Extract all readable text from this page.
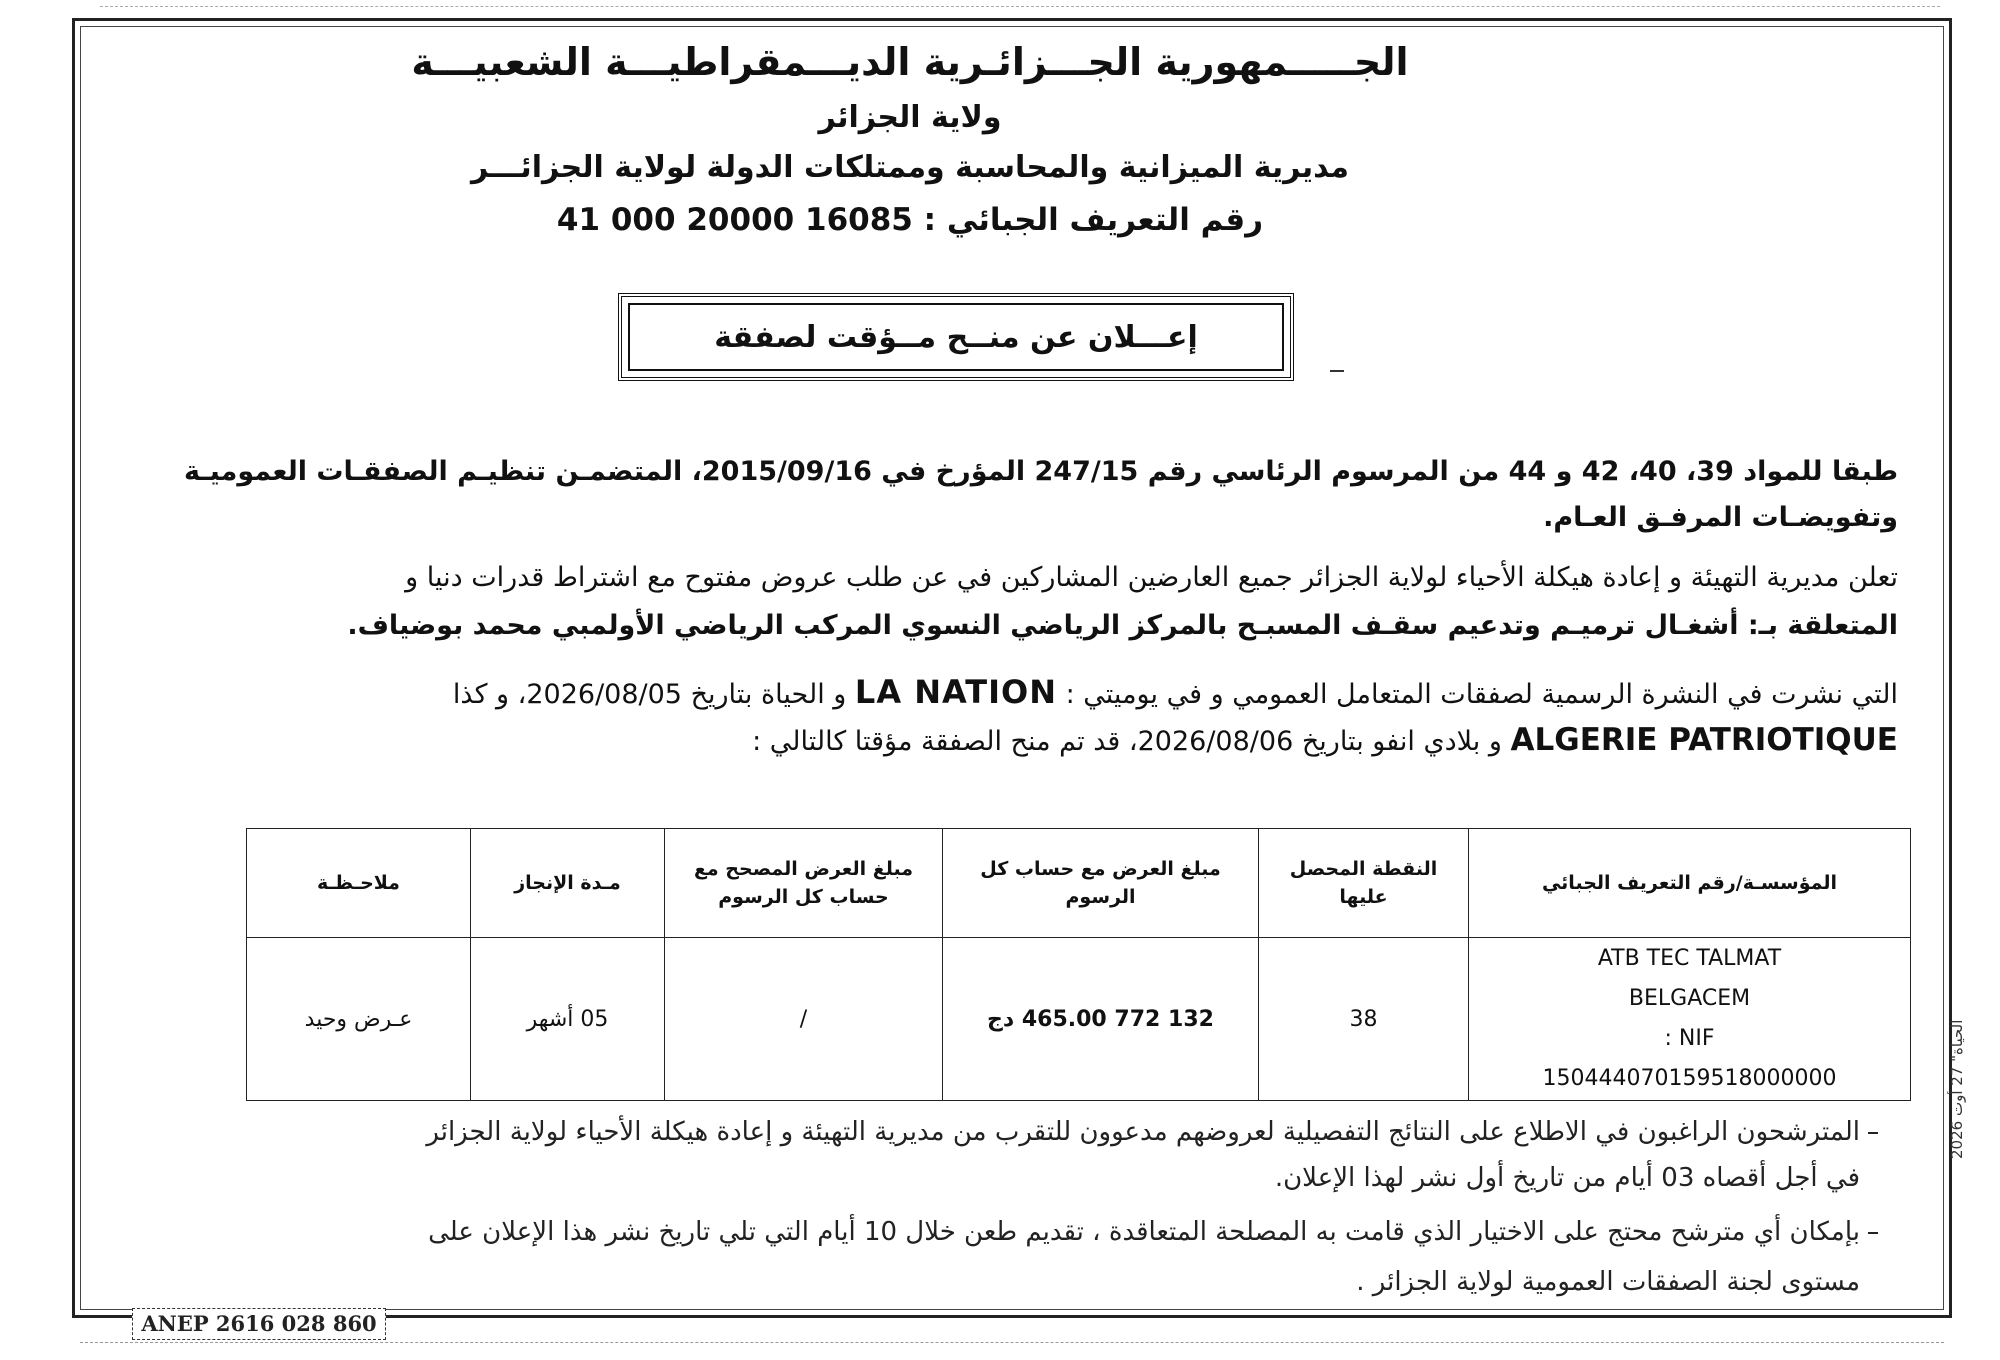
الجـــــمهورية الجـــزائـرية الديـــمقراطيـــة الشعبيـــة
ولاية الجزائر
مديرية الميزانية والمحاسبة وممتلكات الدولة لولاية الجزائـــر
رقم التعريف الجبائي : 16085 20000 000 41
إعـــلان عن منــح مــؤقت لصفقة
طبقا للمواد 39، 40، 42 و 44 من المرسوم الرئاسي رقم 247/15 المؤرخ في 2015/09/16، المتضمـن تنظيـم الصفقـات العموميـة
وتفويضـات المرفـق العـام.
تعلن مديرية التهيئة و إعادة هيكلة الأحياء لولاية الجزائر جميع العارضين المشاركين في عن طلب عروض مفتوح مع اشتراط قدرات دنيا و
المتعلقة بـ: أشغـال ترميـم وتدعيم سقـف المسبـح بالمركز الرياضي النسوي المركب الرياضي الأولمبي محمد بوضياف.
التي نشرت في النشرة الرسمية لصفقات المتعامل العمومي و في يوميتي : LA NATION و الحياة بتاريخ 2026/08/05، و كذا
ALGERIE PATRIOTIQUE و بلادي انفو بتاريخ 2026/08/06، قد تم منح الصفقة مؤقتا كالتالي :
المؤسسـة/رقم التعريف الجبائي	النقطة المحصل عليها	مبلغ العرض مع حساب كل الرسوم	مبلغ العرض المصحح مع حساب كل الرسوم	مـدة الإنجاز	ملاحـظـة

ATB TEC TALMAT
BELGACEM
NIF :
150444070159518000000	38	132 772 465.00 دج	/	05 أشهر	عـرض وحيد
المترشحون الراغبون في الاطلاع على النتائج التفصيلية لعروضهم مدعوون للتقرب من مديرية التهيئة و إعادة هيكلة الأحياء لولاية الجزائر
في أجل أقصاه 03 أيام من تاريخ أول نشر لهذا الإعلان.
بإمكان أي مترشح محتج على الاختيار الذي قامت به المصلحة المتعاقدة ، تقديم طعن خلال 10 أيام التي تلي تاريخ نشر هذا الإعلان على
مستوى لجنة الصفقات العمومية لولاية الجزائر .
الحياة" 27 أوت 2026
ANEP 2616 028 860
